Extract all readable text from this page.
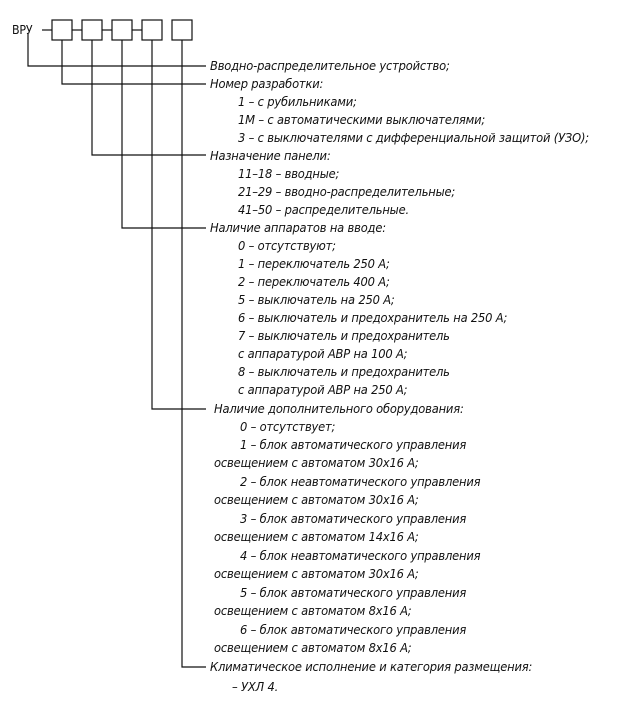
ВРУ
Вводно-распределительное устройство;
Номер разработки:
1 – с рубильниками;
1М – с автоматическими выключателями;
3 – с выключателями с дифференциальной защитой (УЗО);
Назначение панели:
11–18 – вводные;
21–29 – вводно-распределительные;
41–50 – распределительные.
Наличие аппаратов на вводе:
0 – отсутствуют;
1 – переключатель 250 А;
2 – переключатель 400 А;
5 – выключатель на 250 А;
6 – выключатель и предохранитель на 250 А;
7 – выключатель и предохранитель
с аппаратурой АВР на 100 А;
8 – выключатель и предохранитель
с аппаратурой АВР на 250 А;
Наличие дополнительного оборудования:
0 – отсутствует;
1 – блок автоматического управления
освещением с автоматом 30x16 А;
2 – блок неавтоматического управления
освещением с автоматом 30x16 А;
3 – блок автоматического управления
освещением с автоматом 14x16 А;
4 – блок неавтоматического управления
освещением с автоматом 30x16 А;
5 – блок автоматического управления
освещением с автоматом 8x16 А;
6 – блок автоматического управления
освещением с автоматом 8x16 А;
Климатическое исполнение и категория размещения:
– УХЛ 4.
